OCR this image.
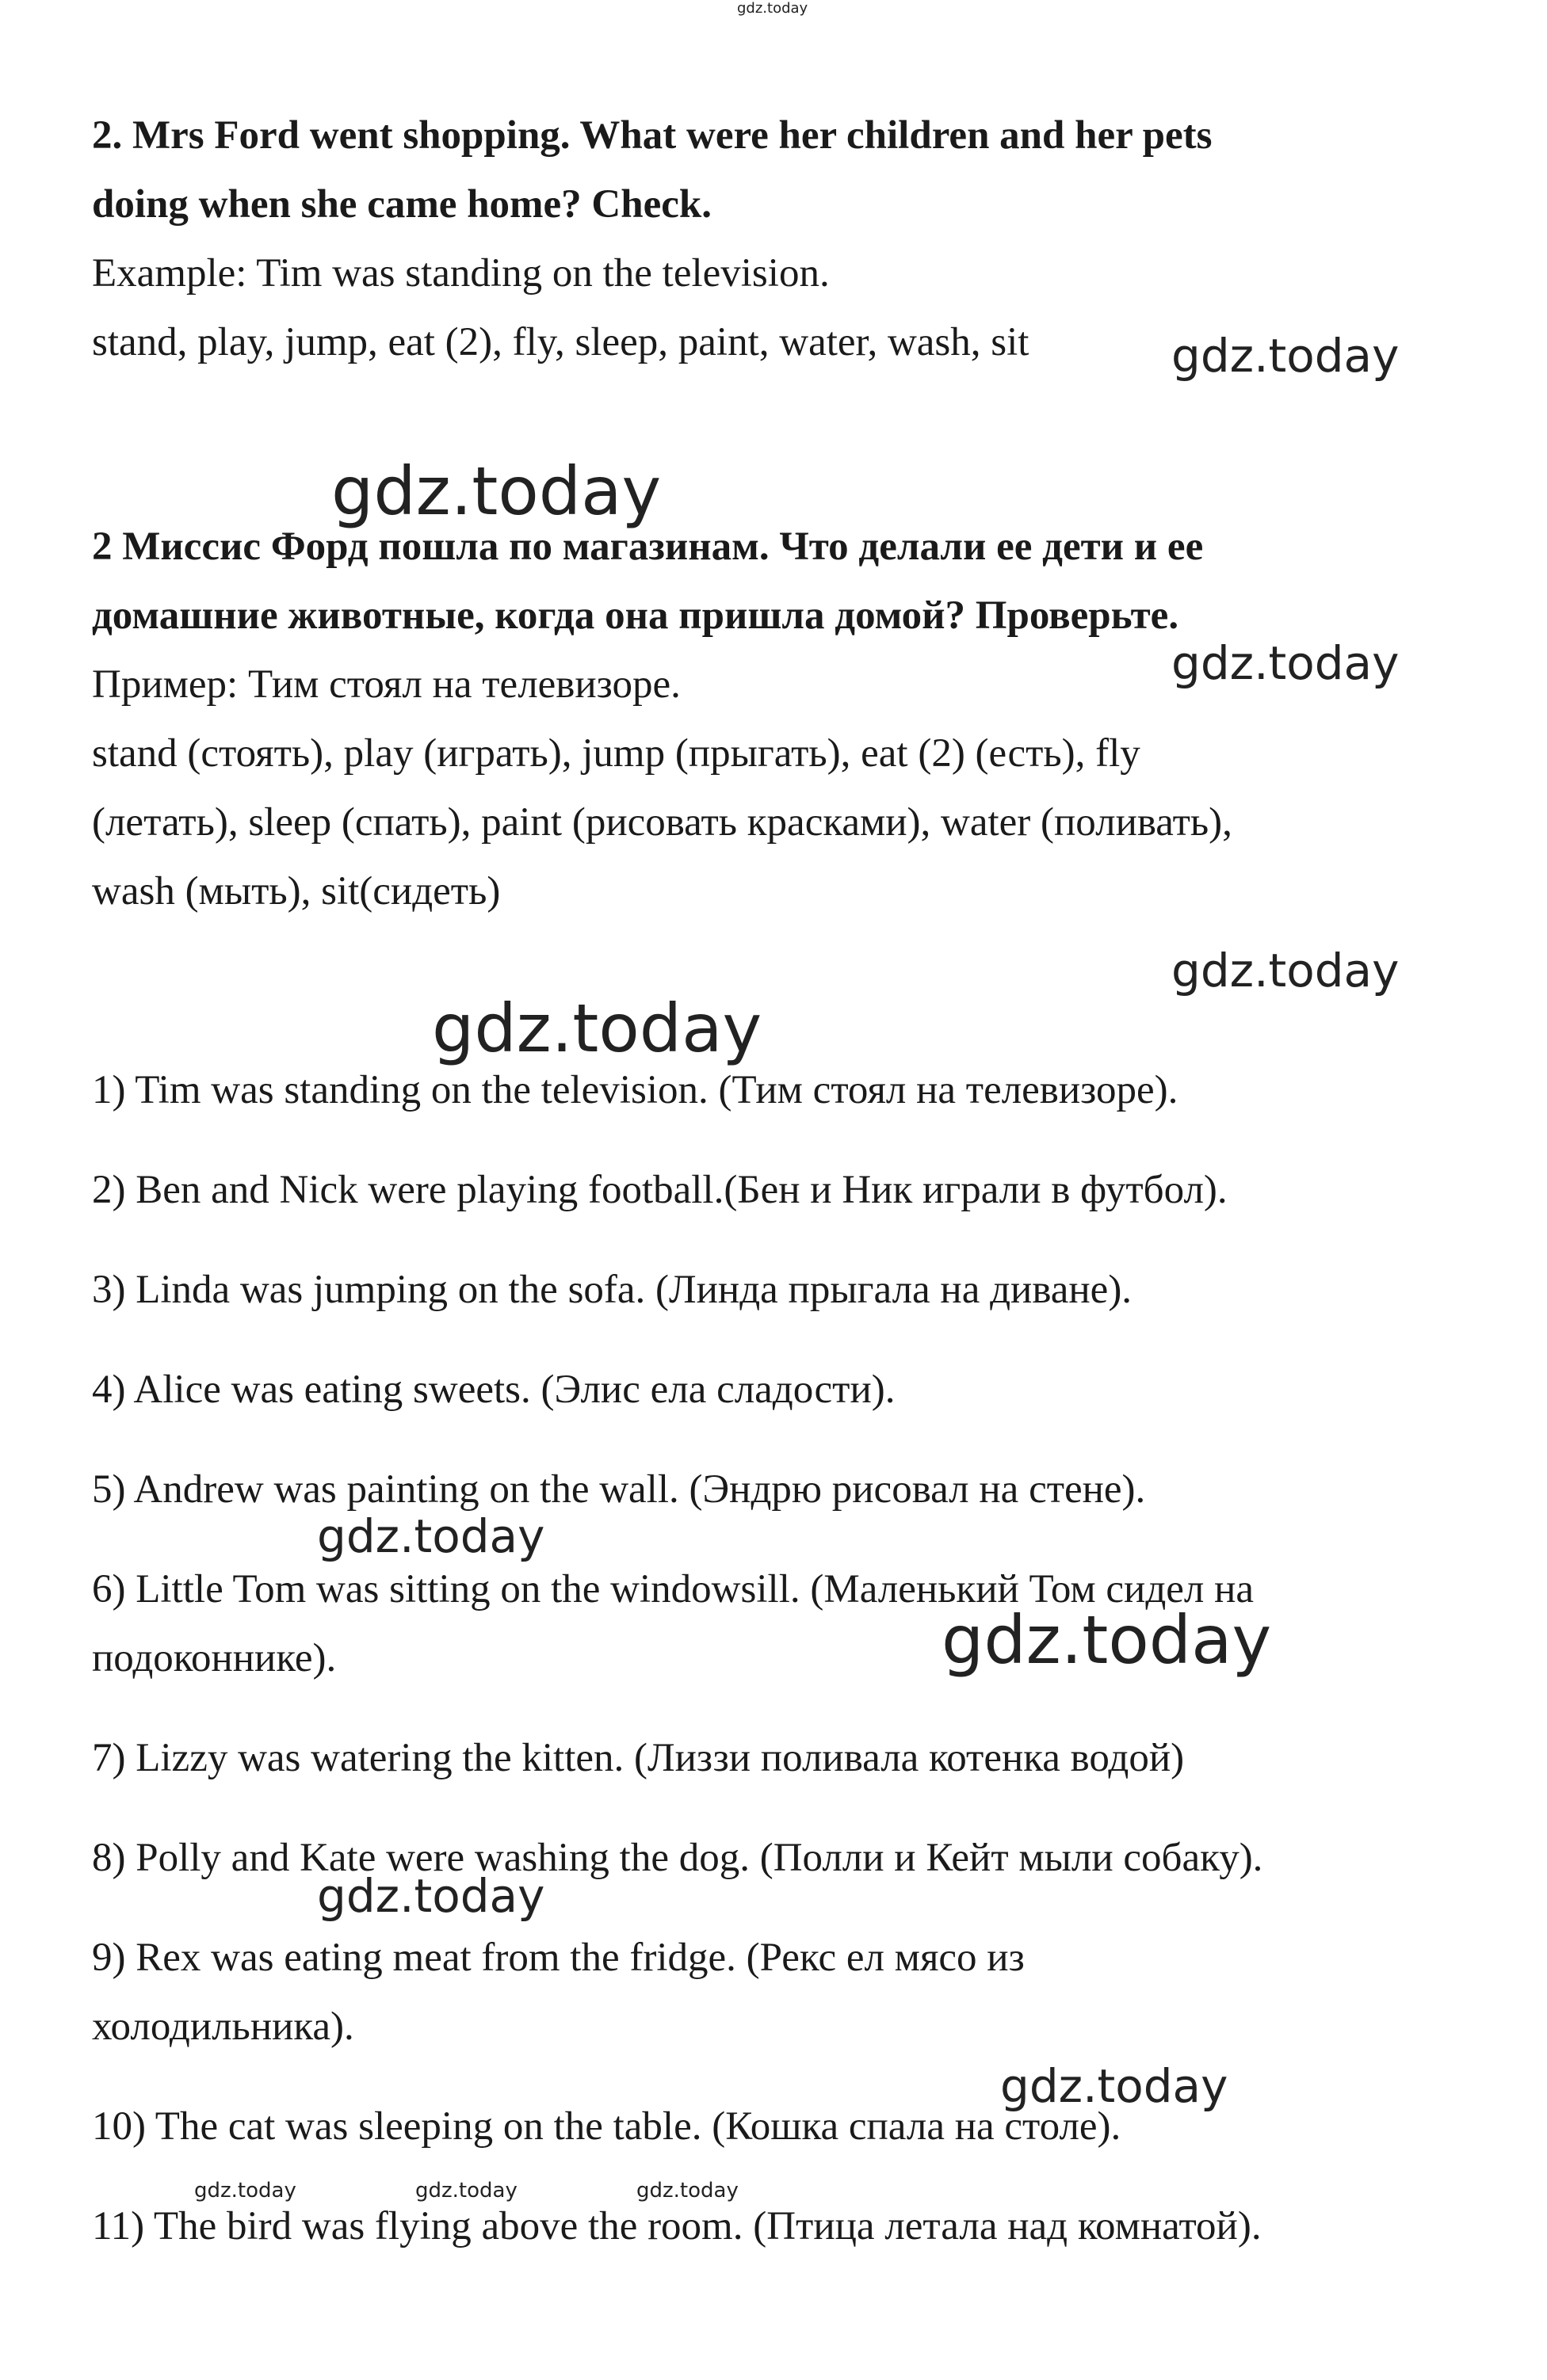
gdz.today
2. Mrs Ford went shopping. What were her children and her pets
doing when she came home? Check.
Example: Tim was standing on the television.
stand, play, jump, eat (2), fly, sleep, paint, water, wash, sit	gdz.today
gdz.today
2 Миссис Форд пошла по магазинам. Что делали ее дети и ее
домашние животные, когда она пришла домой? Проверьте.
gdz.today
Пример: Тим стоял на телевизоре.
stand (стоять), play (играть), jump (прыгать), eat (2) (есть), fly
(летать), sleep (спать), paint (рисовать красками), water (поливать),
wash (мыть), sit(сидеть)
gdz.today
gdz.today
1) Tim was standing on the television. (Тим стоял на телевизоре).
2) Ben and Nick were playing football.(Бен и Ник играли в футбол).
3) Linda was jumping on the sofa. (Линда прыгала на диване).
4) Alice was eating sweets. (Элис ела сладости).
5) Andrew was painting on the wall. (Эндрю рисовал на стене).
gdz.today
6) Little Tom was sitting on the windowsill. (Маленький Том сидел на
gdz.today
подоконнике).
7) Lizzy was watering the kitten. (Лиззи поливала котенка водой)
8) Polly and Kate were washing the dog. (Полли и Кейт мыли собаку).
gdz.today
9) Rex was eating meat from the fridge. (Рекс ел мясо из
холодильника).
gdz.today
10) The cat was sleeping on the table. (Кошка спала на столе).
gdz.today	gdz.today	gdz.today
11) The bird was flying above the room. (Птица летала над комнатой).
